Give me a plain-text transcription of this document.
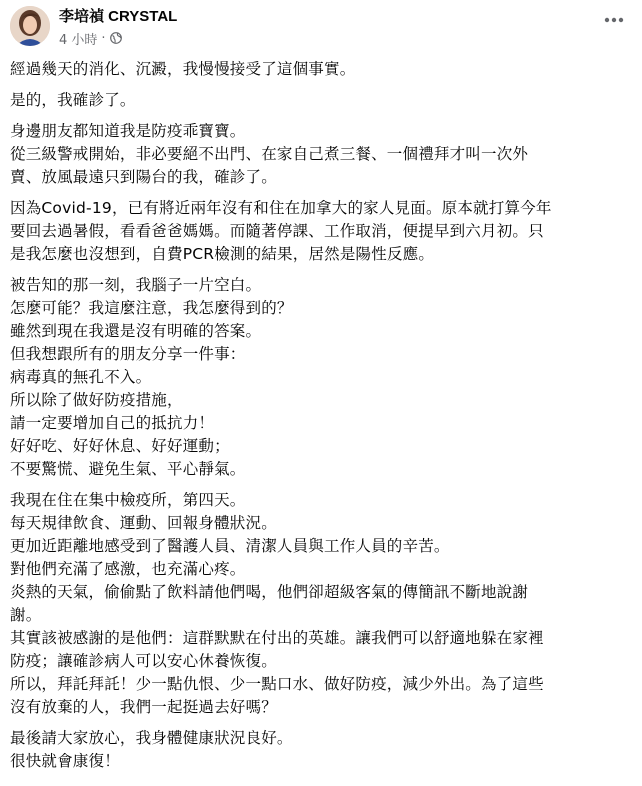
李培禎 CRYSTAL
4 小時 ·
經過幾天的消化、沉澱，我慢慢接受了這個事實。
是的，我確診了。
身邊朋友都知道我是防疫乖寶寶。
從三級警戒開始，非必要絕不出門、在家自己煮三餐、一個禮拜才叫一次外
賣、放風最遠只到陽台的我，確診了。
因為Covid-19，已有將近兩年沒有和住在加拿大的家人見面。原本就打算今年
要回去過暑假，看看爸爸媽媽。而隨著停課、工作取消，便提早到六月初。只
是我怎麼也沒想到，自費PCR檢測的結果，居然是陽性反應。
被告知的那一刻，我腦子一片空白。
怎麼可能？我這麼注意，我怎麼得到的？
雖然到現在我還是沒有明確的答案。
但我想跟所有的朋友分享一件事：
病毒真的無孔不入。
所以除了做好防疫措施，
請一定要增加自己的抵抗力！
好好吃、好好休息、好好運動；
不要驚慌、避免生氣、平心靜氣。
我現在住在集中檢疫所，第四天。
每天規律飲食、運動、回報身體狀況。
更加近距離地感受到了醫護人員、清潔人員與工作人員的辛苦。
對他們充滿了感激，也充滿心疼。
炎熱的天氣，偷偷點了飲料請他們喝，他們卻超級客氣的傳簡訊不斷地說謝
謝。
其實該被感謝的是他們：這群默默在付出的英雄。讓我們可以舒適地躲在家裡
防疫；讓確診病人可以安心休養恢復。
所以，拜託拜託！少一點仇恨、少一點口水、做好防疫，減少外出。為了這些
沒有放棄的人，我們一起挺過去好嗎？
最後請大家放心，我身體健康狀況良好。
很快就會康復！
